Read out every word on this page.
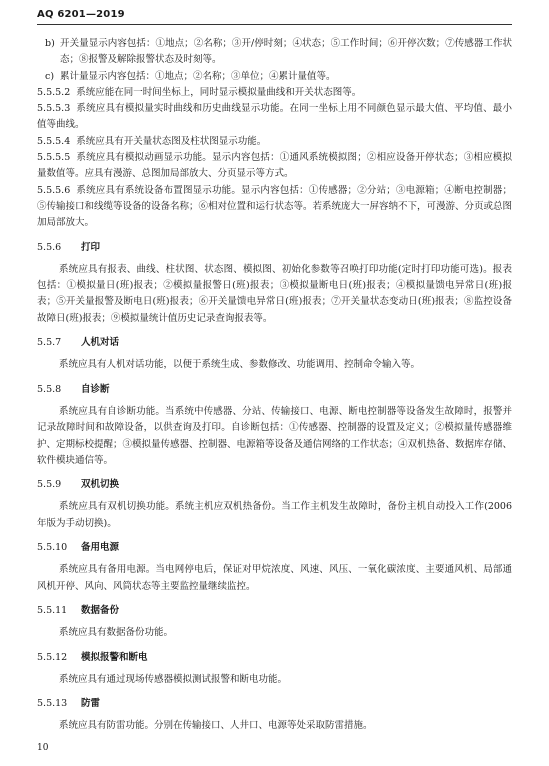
AQ 6201—2019

b) 开关量显示内容包括：①地点；②名称；③开/停时刻；④状态；⑤工作时间；⑥开停次数；⑦传感器工作状态；⑧报警及解除报警状态及时刻等。

c) 累计量显示内容包括：①地点；②名称；③单位；④累计量值等。

5.5.5.2 系统应能在同一时间坐标上，同时显示模拟量曲线和开关状态图等。

5.5.5.3 系统应具有模拟量实时曲线和历史曲线显示功能。在同一坐标上用不同颜色显示最大值、平均值、最小值等曲线。

5.5.5.4 系统应具有开关量状态图及柱状图显示功能。

5.5.5.5 系统应具有模拟动画显示功能。显示内容包括：①通风系统模拟图；②相应设备开停状态；③相应模拟量数值等。应具有漫游、总图加局部放大、分页显示等方式。

5.5.5.6 系统应具有系统设备布置图显示功能。显示内容包括：①传感器；②分站；③电源箱；④断电控制器；⑤传输接口和线缆等设备的设备名称；⑥相对位置和运行状态等。若系统庞大一屏容纳不下，可漫游、分页或总图加局部放大。

5.5.6 打印

系统应具有报表、曲线、柱状图、状态图、模拟图、初始化参数等召唤打印功能(定时打印功能可选)。报表包括：①模拟量日(班)报表；②模拟量报警日(班)报表；③模拟量断电日(班)报表；④模拟量馈电异常日(班)报表；⑤开关量报警及断电日(班)报表；⑥开关量馈电异常日(班)报表；⑦开关量状态变动日(班)报表；⑧监控设备故障日(班)报表；⑨模拟量统计值历史记录查询报表等。

5.5.7 人机对话

系统应具有人机对话功能，以便于系统生成、参数修改、功能调用、控制命令输入等。

5.5.8 自诊断

系统应具有自诊断功能。当系统中传感器、分站、传输接口、电源、断电控制器等设备发生故障时，报警并记录故障时间和故障设备，以供查询及打印。自诊断包括：①传感器、控制器的设置及定义；②模拟量传感器维护、定期标校提醒；③模拟量传感器、控制器、电源箱等设备及通信网络的工作状态；④双机热备、数据库存储、软件模块通信等。

5.5.9 双机切换

系统应具有双机切换功能。系统主机应双机热备份。当工作主机发生故障时，备份主机自动投入工作(2006年版为手动切换)。

5.5.10 备用电源

系统应具有备用电源。当电网停电后，保证对甲烷浓度、风速、风压、一氧化碳浓度、主要通风机、局部通风机开停、风向、风筒状态等主要监控量继续监控。

5.5.11 数据备份

系统应具有数据备份功能。

5.5.12 模拟报警和断电

系统应具有通过现场传感器模拟测试报警和断电功能。

5.5.13 防雷

系统应具有防雷功能。分别在传输接口、人井口、电源等处采取防雷措施。

10
